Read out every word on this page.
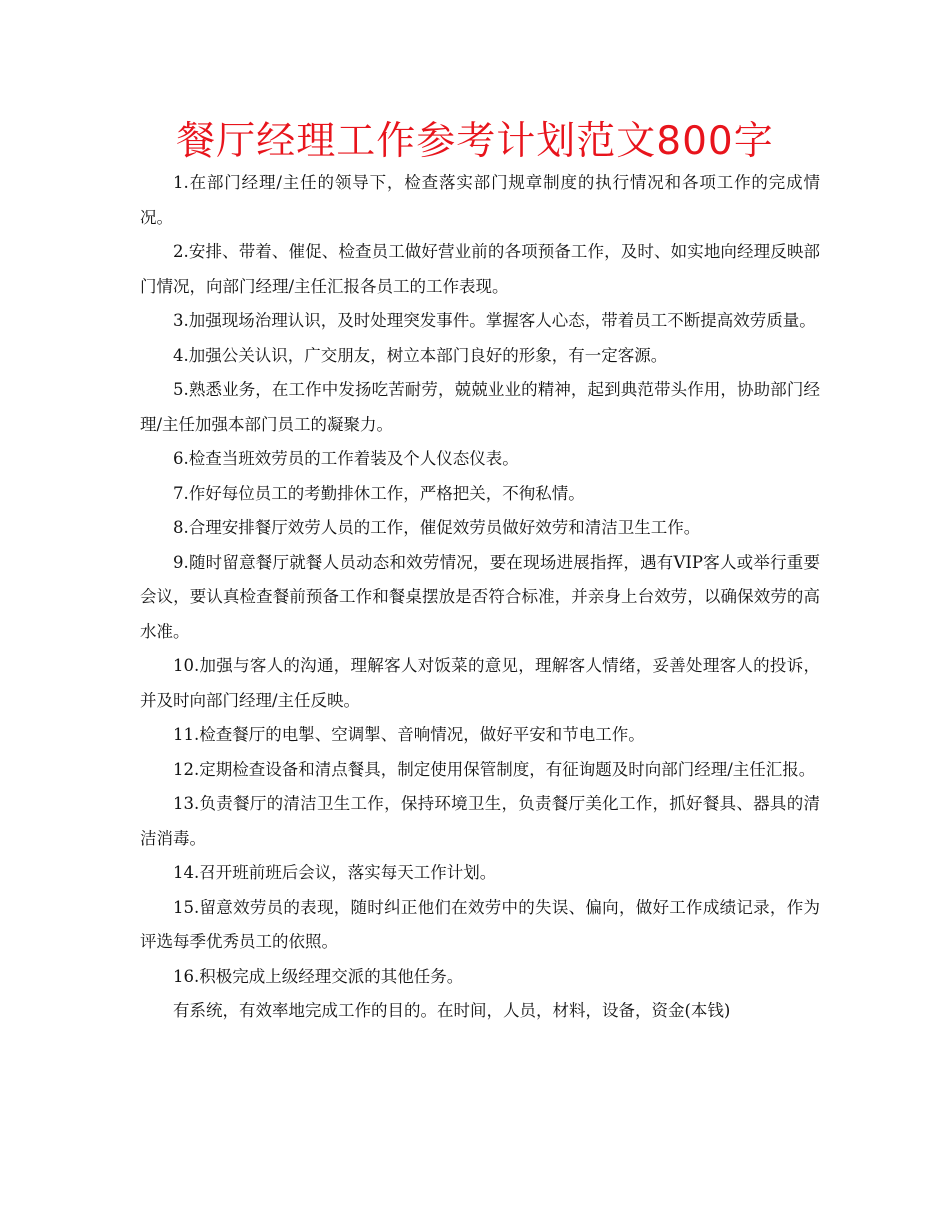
餐厅经理工作参考计划范文800字

1.在部门经理/主任的领导下，检查落实部门规章制度的执行情况和各项工作的完成情况。

2.安排、带着、催促、检查员工做好营业前的各项预备工作，及时、如实地向经理反映部门情况，向部门经理/主任汇报各员工的工作表现。

3.加强现场治理认识，及时处理突发事件。掌握客人心态，带着员工不断提高效劳质量。

4.加强公关认识，广交朋友，树立本部门良好的形象，有一定客源。

5.熟悉业务，在工作中发扬吃苦耐劳，兢兢业业的精神，起到典范带头作用，协助部门经理/主任加强本部门员工的凝聚力。

6.检查当班效劳员的工作着装及个人仪态仪表。

7.作好每位员工的考勤排休工作，严格把关，不徇私情。

8.合理安排餐厅效劳人员的工作，催促效劳员做好效劳和清洁卫生工作。

9.随时留意餐厅就餐人员动态和效劳情况，要在现场进展指挥，遇有VIP客人或举行重要会议，要认真检查餐前预备工作和餐桌摆放是否符合标准，并亲身上台效劳，以确保效劳的高水准。

10.加强与客人的沟通，理解客人对饭菜的意见，理解客人情绪，妥善处理客人的投诉，并及时向部门经理/主任反映。

11.检查餐厅的电掣、空调掣、音响情况，做好平安和节电工作。

12.定期检查设备和清点餐具，制定使用保管制度，有征询题及时向部门经理/主任汇报。

13.负责餐厅的清洁卫生工作，保持环境卫生，负责餐厅美化工作，抓好餐具、器具的清洁消毒。

14.召开班前班后会议，落实每天工作计划。

15.留意效劳员的表现，随时纠正他们在效劳中的失误、偏向，做好工作成绩记录，作为评选每季优秀员工的依照。

16.积极完成上级经理交派的其他任务。

有系统，有效率地完成工作的目的。在时间，人员，材料，设备，资金(本钱)
